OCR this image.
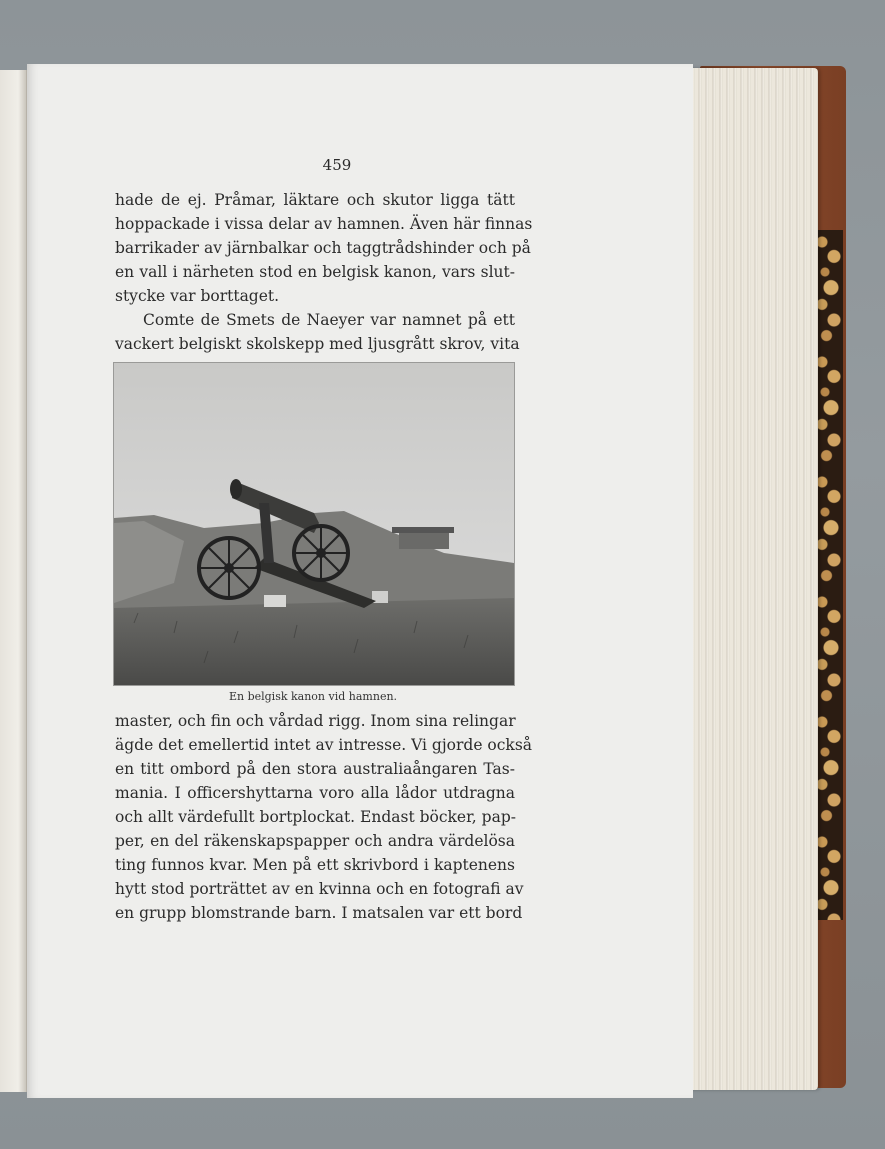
459
hade de ej. Pråmar, läktare och skutor ligga tätt
hoppackade i vissa delar av hamnen. Även här finnas
barrikader av järnbalkar och taggtrådshinder och på
en vall i närheten stod en belgisk kanon, vars slut-
stycke var borttaget.
Comte de Smets de Naeyer var namnet på ett
vackert belgiskt skolskepp med ljusgrått skrov, vita
En belgisk kanon vid hamnen.
master, och fin och vårdad rigg. Inom sina relingar
ägde det emellertid intet av intresse. Vi gjorde också
en titt ombord på den stora australiaångaren Tas-
mania. I officershyttarna voro alla lådor utdragna
och allt värdefullt bortplockat. Endast böcker, pap-
per, en del räkenskapspapper och andra värdelösa
ting funnos kvar. Men på ett skrivbord i kaptenens
hytt stod porträttet av en kvinna och en fotografi av
en grupp blomstrande barn. I matsalen var ett bord
